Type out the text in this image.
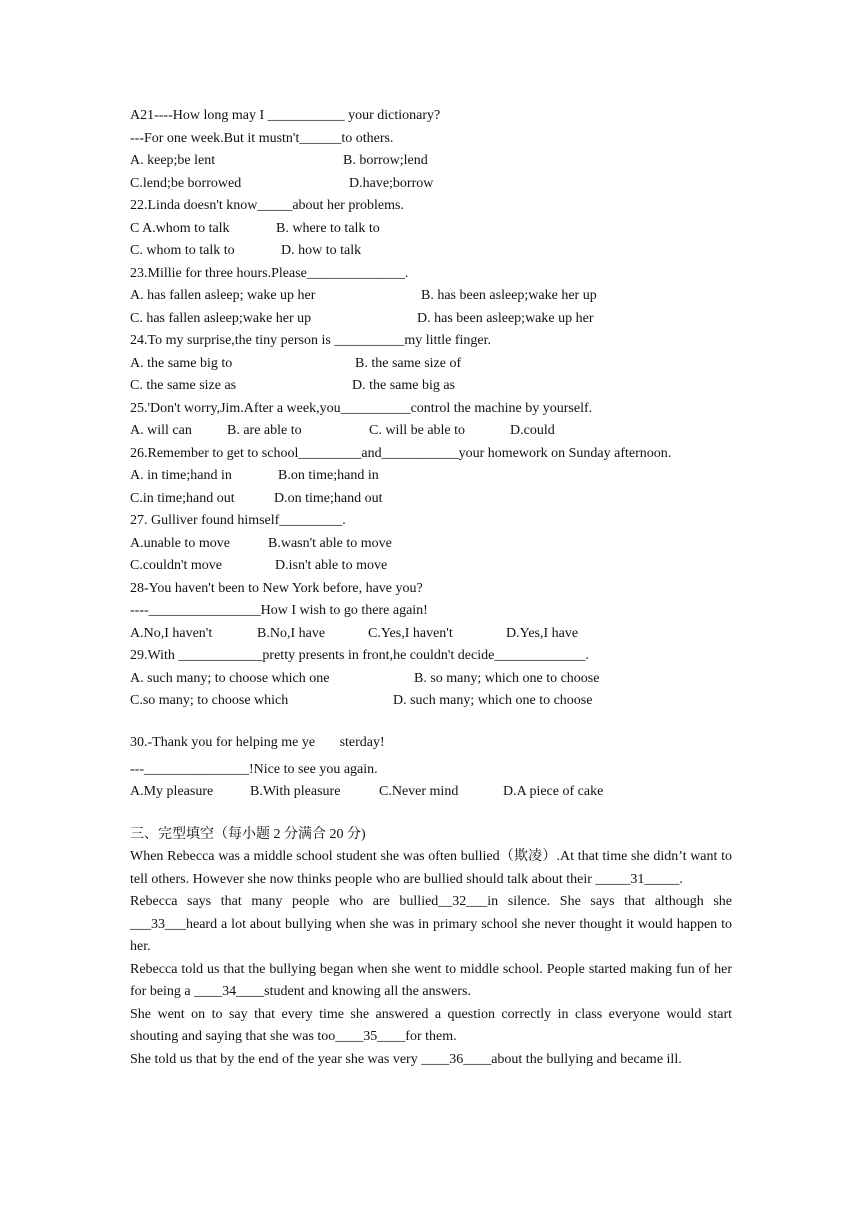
A21----How long may I ___________ your dictionary?
---For one week.But it mustn't______to others.

A. keep;be lent

	B. borrow;lend

C.lend;be borrowed

	D.have;borrow

22.Linda doesn't know_____about her problems.

C A.whom to talk

	B. where to talk to

C. whom to talk to

	D. how to talk

23.Millie for three hours.Please______________.

A. has fallen asleep; wake up her

	B. has been asleep;wake her up

C. has fallen asleep;wake her up

	D. has been asleep;wake up her

24.To my surprise,the tiny person is __________my little finger.

A. the same big to

	B. the same size of

C. the same size as

	D. the same big as

25.'Don't worry,Jim.After a week,you__________control the machine by yourself.

A. will can

	B. are able to

	C. will be able to

	D.could

26.Remember to get to school_________and___________your homework on Sunday afternoon.

A. in time;hand in

	B.on time;hand in

C.in time;hand out

	D.on time;hand out

27. Gulliver found himself_________.

A.unable to move

	B.wasn't able to move

C.couldn't move

	D.isn't able to move

28-You haven't been to New York before, have you?
----________________How I wish to go there again!

A.No,I haven't

	B.No,I have

	C.Yes,I haven't

	D.Yes,I have

29.With ____________pretty presents in front,he couldn't decide_____________.

A. such many; to choose which one

	B. so many; which one to choose

C.so many; to choose which

	D. such many; which one to choose

30.-Thank you for helping me ye       sterday!
---_______________!Nice to see you again.

A.My pleasure

	B.With pleasure

	C.Never mind

	D.A piece of cake

三、完型填空（每小题 2 分满合 20 分)
When Rebecca was a middle school student she was often bullied（欺凌）.At that time she didn’t want to tell others. However she now thinks people who are bullied should talk about their _____31_____.
Rebecca says that many people who are bullied__32___in silence. She says that although she ___33___heard a lot about bullying when she was in primary school she never thought it would happen to her.
Rebecca told us that the bullying began when she went to middle school. People started making fun of her for being a ____34____student and knowing all the answers.
She went on to say that every time she answered a question correctly in class everyone would start shouting and saying that she was too____35____for them.
She told us that by the end of the year she was very ____36____about the bullying and became ill.
